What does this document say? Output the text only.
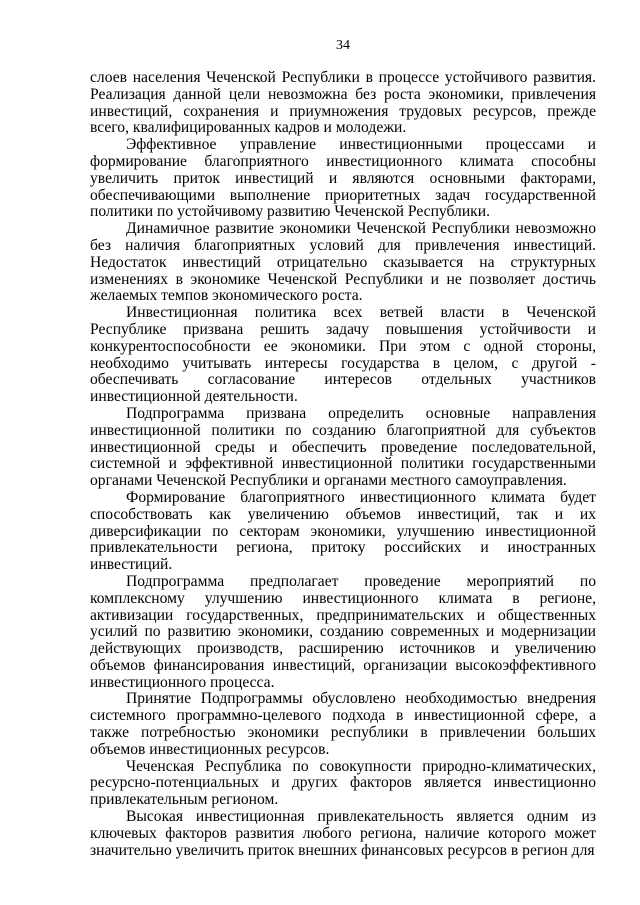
34

слоев населения Чеченской Республики в процессе устойчивого развития. Реализация данной цели невозможна без роста экономики, привлечения инвестиций, сохранения и приумножения трудовых ресурсов, прежде всего, квалифицированных кадров и молодежи.

Эффективное управление инвестиционными процессами и формирование благоприятного инвестиционного климата способны увеличить приток инвестиций и являются основными факторами, обеспечивающими выполнение приоритетных задач государственной политики по устойчивому развитию Чеченской Республики.

Динамичное развитие экономики Чеченской Республики невозможно без наличия благоприятных условий для привлечения инвестиций. Недостаток инвестиций отрицательно сказывается на структурных изменениях в экономике Чеченской Республики и не позволяет достичь желаемых темпов экономического роста.

Инвестиционная политика всех ветвей власти в Чеченской Республике призвана решить задачу повышения устойчивости и конкурентоспособности ее экономики. При этом с одной стороны, необходимо учитывать интересы государства в целом, с другой - обеспечивать согласование интересов отдельных участников инвестиционной деятельности.

Подпрограмма призвана определить основные направления инвестиционной политики по созданию благоприятной для субъектов инвестиционной среды и обеспечить проведение последовательной, системной и эффективной инвестиционной политики государственными органами Чеченской Республики и органами местного самоуправления.

Формирование благоприятного инвестиционного климата будет способствовать как увеличению объемов инвестиций, так и их диверсификации по секторам экономики, улучшению инвестиционной привлекательности региона, притоку российских и иностранных инвестиций.

Подпрограмма предполагает проведение мероприятий по комплексному улучшению инвестиционного климата в регионе, активизации государственных, предпринимательских и общественных усилий по развитию экономики, созданию современных и модернизации действующих производств, расширению источников и увеличению объемов финансирования инвестиций, организации высокоэффективного инвестиционного процесса.

Принятие Подпрограммы обусловлено необходимостью внедрения системного программно-целевого подхода в инвестиционной сфере, а также потребностью экономики республики в привлечении больших объемов инвестиционных ресурсов.

Чеченская Республика по совокупности природно-климатических, ресурсно-потенциальных и других факторов является инвестиционно привлекательным регионом.

Высокая инвестиционная привлекательность является одним из ключевых факторов развития любого региона, наличие которого может значительно увеличить приток внешних финансовых ресурсов в регион для
